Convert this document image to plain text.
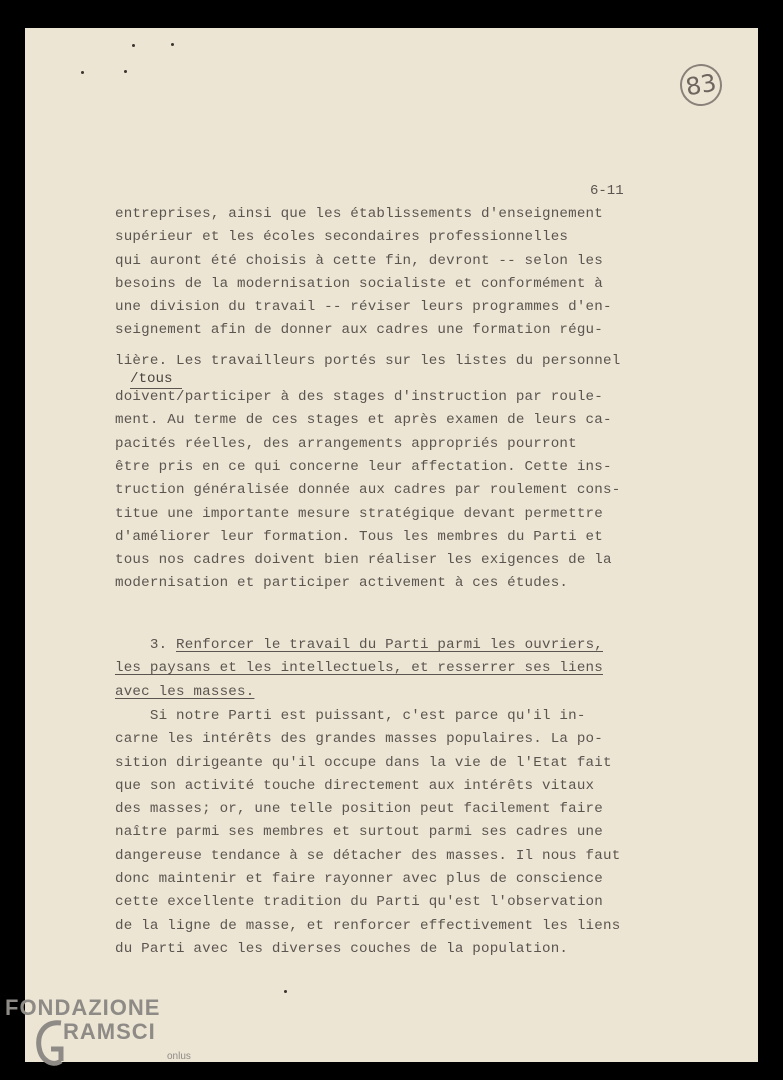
83
6-11
entreprises, ainsi que les établissements d'enseignement
supérieur et les écoles secondaires professionnelles
qui auront été choisis à cette fin, devront -- selon les
besoins de la modernisation socialiste et conformément à
une division du travail -- réviser leurs programmes d'en-
seignement afin de donner aux cadres une formation régu-
lière. Les travailleurs portés sur les listes du personnel
doivent/participer à des stages d'instruction par roule-
ment. Au terme de ces stages et après examen de leurs ca-
pacités réelles, des arrangements appropriés pourront
être pris en ce qui concerne leur affectation. Cette ins-
truction généralisée donnée aux cadres par roulement cons-
titue une importante mesure stratégique devant permettre
d'améliorer leur formation. Tous les membres du Parti et
tous nos cadres doivent bien réaliser les exigences de la
modernisation et participer activement à ces études.
/tous
3. Renforcer le travail du Parti parmi les ouvriers,
les paysans et les intellectuels, et resserrer ses liens
avec les masses.
Si notre Parti est puissant, c'est parce qu'il in-
carne les intérêts des grandes masses populaires. La po-
sition dirigeante qu'il occupe dans la vie de l'Etat fait
que son activité touche directement aux intérêts vitaux
des masses; or, une telle position peut facilement faire
naître parmi ses membres et surtout parmi ses cadres une
dangereuse tendance à se détacher des masses. Il nous faut
donc maintenir et faire rayonner avec plus de conscience
cette excellente tradition du Parti qu'est l'observation
de la ligne de masse, et renforcer effectivement les liens
du Parti avec les diverses couches de la population.
FONDAZIONE
RAMSCI
onlus
